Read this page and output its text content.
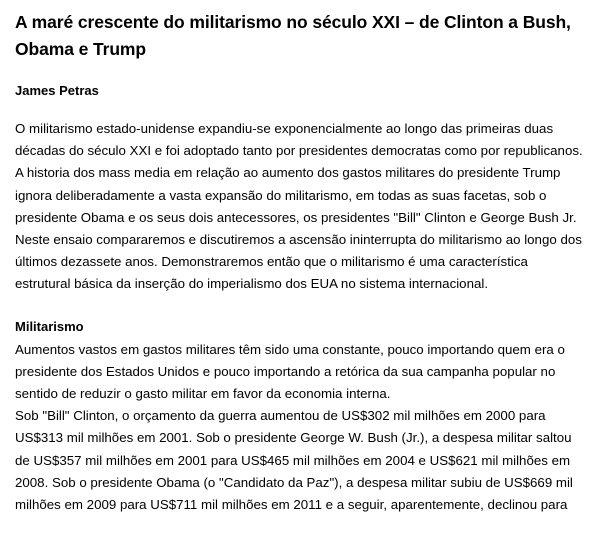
A maré crescente do militarismo no século XXI – de Clinton a Bush,
Obama e Trump
James Petras

O militarismo estado-unidense expandiu-se exponencialmente ao longo das primeiras duas décadas do século XXI e foi adoptado tanto por presidentes democratas como por republicanos. A historia dos mass media em relação ao aumento dos gastos militares do presidente Trump ignora deliberadamente a vasta expansão do militarismo, em todas as suas facetas, sob o presidente Obama e os seus dois antecessores, os presidentes "Bill" Clinton e George Bush Jr.

Neste ensaio compararemos e discutiremos a ascensão ininterrupta do militarismo ao longo dos últimos dezassete anos. Demonstraremos então que o militarismo é uma característica estrutural básica da inserção do imperialismo dos EUA no sistema internacional.

Militarismo

Aumentos vastos em gastos militares têm sido uma constante, pouco importando quem era o presidente dos Estados Unidos e pouco importando a retórica da sua campanha popular no sentido de reduzir o gasto militar em favor da economia interna.

Sob "Bill" Clinton, o orçamento da guerra aumentou de US$302 mil milhões em 2000 para US$313 mil milhões em 2001. Sob o presidente George W. Bush (Jr.), a despesa militar saltou de US$357 mil milhões em 2001 para US$465 mil milhões em 2004 e US$621 mil milhões em 2008. Sob o presidente Obama (o "Candidato da Paz"), a despesa militar subiu de US$669 mil milhões em 2009 para US$711 mil milhões em 2011 e a seguir, aparentemente, declinou para
